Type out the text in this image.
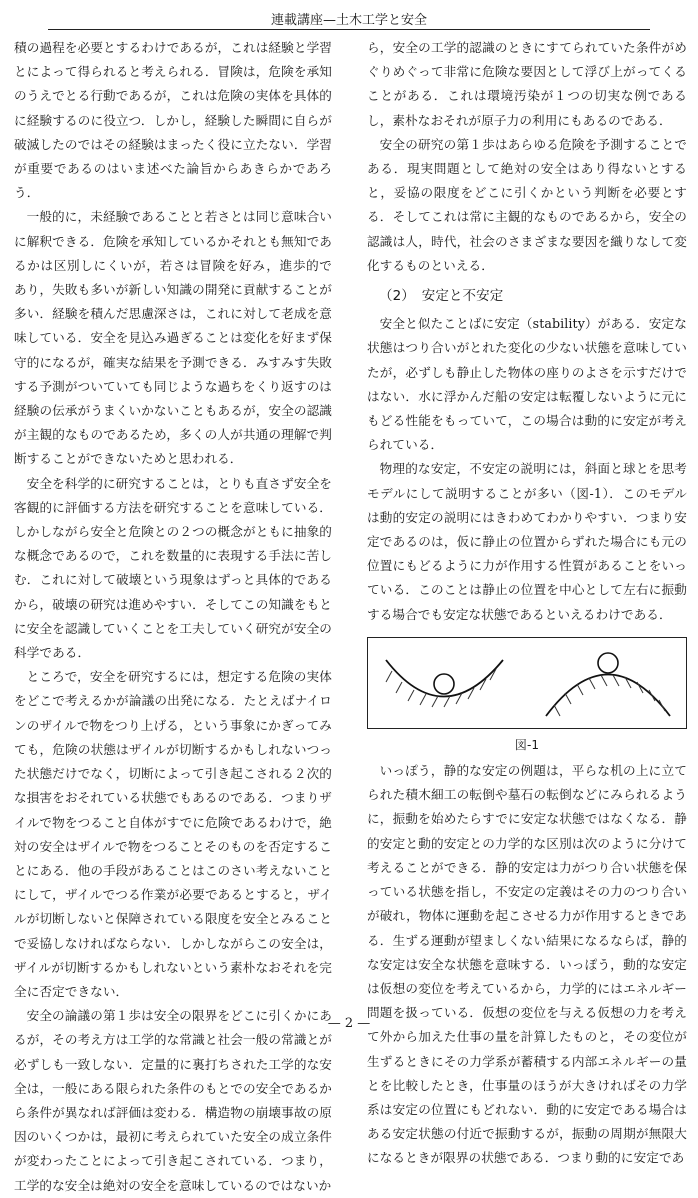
連載講座—土木工学と安全

積の過程を必要とするわけであるが，これは経験と学習とによって得られると考えられる．冒険は，危険を承知のうえでとる行動であるが，これは危険の実体を具体的に経験するのに役立つ．しかし，経験した瞬間に自らが破滅したのではその経験はまったく役に立たない．学習が重要であるのはいま述べた論旨からあきらかであろう．

一般的に，未経験であることと若さとは同じ意味合いに解釈できる．危険を承知しているかそれとも無知であるかは区別しにくいが，若さは冒険を好み，進歩的であり，失敗も多いが新しい知識の開発に貢献することが多い．経験を積んだ思慮深さは，これに対して老成を意味している．安全を見込み過ぎることは変化を好まず保守的になるが，確実な結果を予測できる．みすみす失敗する予測がついていても同じような過ちをくり返すのは経験の伝承がうまくいかないこともあるが，安全の認識が主観的なものであるため，多くの人が共通の理解で判断することができないためと思われる．

安全を科学的に研究することは，とりも直さず安全を客観的に評価する方法を研究することを意味している．しかしながら安全と危険との２つの概念がともに抽象的な概念であるので，これを数量的に表現する手法に苦しむ．これに対して破壊という現象はずっと具体的であるから，破壊の研究は進めやすい．そしてこの知識をもとに安全を認識していくことを工夫していく研究が安全の科学である．

ところで，安全を研究するには，想定する危険の実体をどこで考えるかが論議の出発になる．たとえばナイロンのザイルで物をつり上げる，という事象にかぎってみても，危険の状態はザイルが切断するかもしれないつった状態だけでなく，切断によって引き起こされる２次的な損害をおそれている状態でもあるのである．つまりザイルで物をつること自体がすでに危険であるわけで，絶対の安全はザイルで物をつることそのものを否定することにある．他の手段があることはこのさい考えないことにして，ザイルでつる作業が必要であるとすると，ザイルが切断しないと保障されている限度を安全とみることで妥協しなければならない．しかしながらこの安全は，ザイルが切断するかもしれないという素朴なおそれを完全に否定できない．

安全の論議の第１歩は安全の限界をどこに引くかにあるが，その考え方は工学的な常識と社会一般の常識とが必ずしも一致しない．定量的に裏打ちされた工学的な安全は，一般にある限られた条件のもとでの安全であるから条件が異なれば評価は変わる．構造物の崩壊事故の原因のいくつかは，最初に考えられていた安全の成立条件が変わったことによって引き起こされている．つまり，工学的な安全は絶対の安全を意味しているのではないか

ら，安全の工学的認識のときにすてられていた条件がめぐりめぐって非常に危険な要因として浮び上がってくることがある．これは環境汚染が１つの切実な例であるし，素朴なおそれが原子力の利用にもあるのである．

安全の研究の第１歩はあらゆる危険を予測することである．現実問題として絶対の安全はあり得ないとすると，妥協の限度をどこに引くかという判断を必要とする．そしてこれは常に主観的なものであるから，安全の認識は人，時代，社会のさまざまな要因を織りなして変化するものといえる．

（2）　安定と不安定

安全と似たことばに安定（stability）がある．安定な状態はつり合いがとれた変化の少ない状態を意味していたが，必ずしも静止した物体の座りのよさを示すだけではない．水に浮かんだ船の安定は転覆しないように元にもどる性能をもっていて，この場合は動的に安定が考えられている．

物理的な安定，不安定の説明には，斜面と球とを思考モデルにして説明することが多い（図-1）．このモデルは動的安定の説明にはきわめてわかりやすい．つまり安定であるのは，仮に静止の位置からずれた場合にも元の位置にもどるように力が作用する性質があることをいっている．このことは静止の位置を中心として左右に振動する場合でも安定な状態であるといえるわけである．

図-1

いっぽう，静的な安定の例題は，平らな机の上に立てられた積木細工の転倒や墓石の転倒などにみられるように，振動を始めたらすでに安定な状態ではなくなる．静的安定と動的安定との力学的な区別は次のように分けて考えることができる．静的安定は力がつり合い状態を保っている状態を指し，不安定の定義はその力のつり合いが破れ，物体に運動を起こさせる力が作用するときである．生ずる運動が望ましくない結果になるならば，静的な安定は安全な状態を意味する．いっぽう，動的な安定は仮想の変位を考えているから，力学的にはエネルギー問題を扱っている．仮想の変位を与える仮想の力を考えて外から加えた仕事の量を計算したものと，その変位が生ずるときにその力学系が蓄積する内部エネルギーの量とを比較したとき，仕事量のほうが大きければその力学系は安定の位置にもどれない．動的に安定である場合はある安定状態の付近で振動するが，振動の周期が無限大になるときが限界の状態である．つまり動的に安定であ

— 2 —
